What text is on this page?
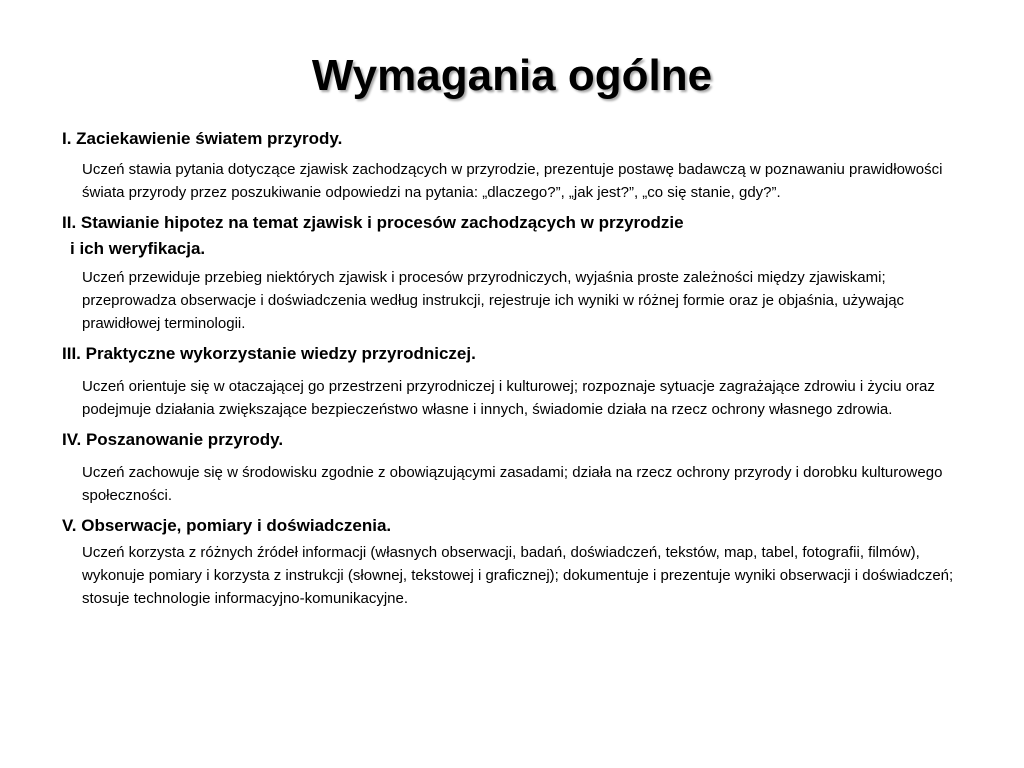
Wymagania ogólne

I. Zaciekawienie światem przyrody.

Uczeń stawia pytania dotyczące zjawisk zachodzących w przyrodzie, prezentuje postawę badawczą w poznawaniu prawidłowości świata przyrody przez poszukiwanie odpowiedzi na pytania: „dlaczego?”, „jak jest?”, „co się stanie, gdy?”.

II. Stawianie hipotez na temat zjawisk i procesów zachodzących w przyrodzie
i ich weryfikacja.

Uczeń przewiduje przebieg niektórych zjawisk i procesów przyrodniczych, wyjaśnia proste zależności między zjawiskami; przeprowadza obserwacje i doświadczenia według instrukcji, rejestruje ich wyniki w różnej formie oraz je objaśnia, używając prawidłowej terminologii.

III. Praktyczne wykorzystanie wiedzy przyrodniczej.

Uczeń orientuje się w otaczającej go przestrzeni przyrodniczej i kulturowej; rozpoznaje sytuacje zagrażające zdrowiu i życiu oraz podejmuje działania zwiększające bezpieczeństwo własne i innych, świadomie działa na rzecz ochrony własnego zdrowia.

IV. Poszanowanie przyrody.

Uczeń zachowuje się w środowisku zgodnie z obowiązującymi zasadami; działa na rzecz ochrony przyrody i dorobku kulturowego społeczności.

V. Obserwacje, pomiary i doświadczenia.

Uczeń korzysta z różnych źródeł informacji (własnych obserwacji, badań, doświadczeń, tekstów, map, tabel, fotografii, filmów), wykonuje pomiary i korzysta z instrukcji (słownej, tekstowej i graficznej); dokumentuje i prezentuje wyniki obserwacji i doświadczeń; stosuje technologie informacyjno-komunikacyjne.
